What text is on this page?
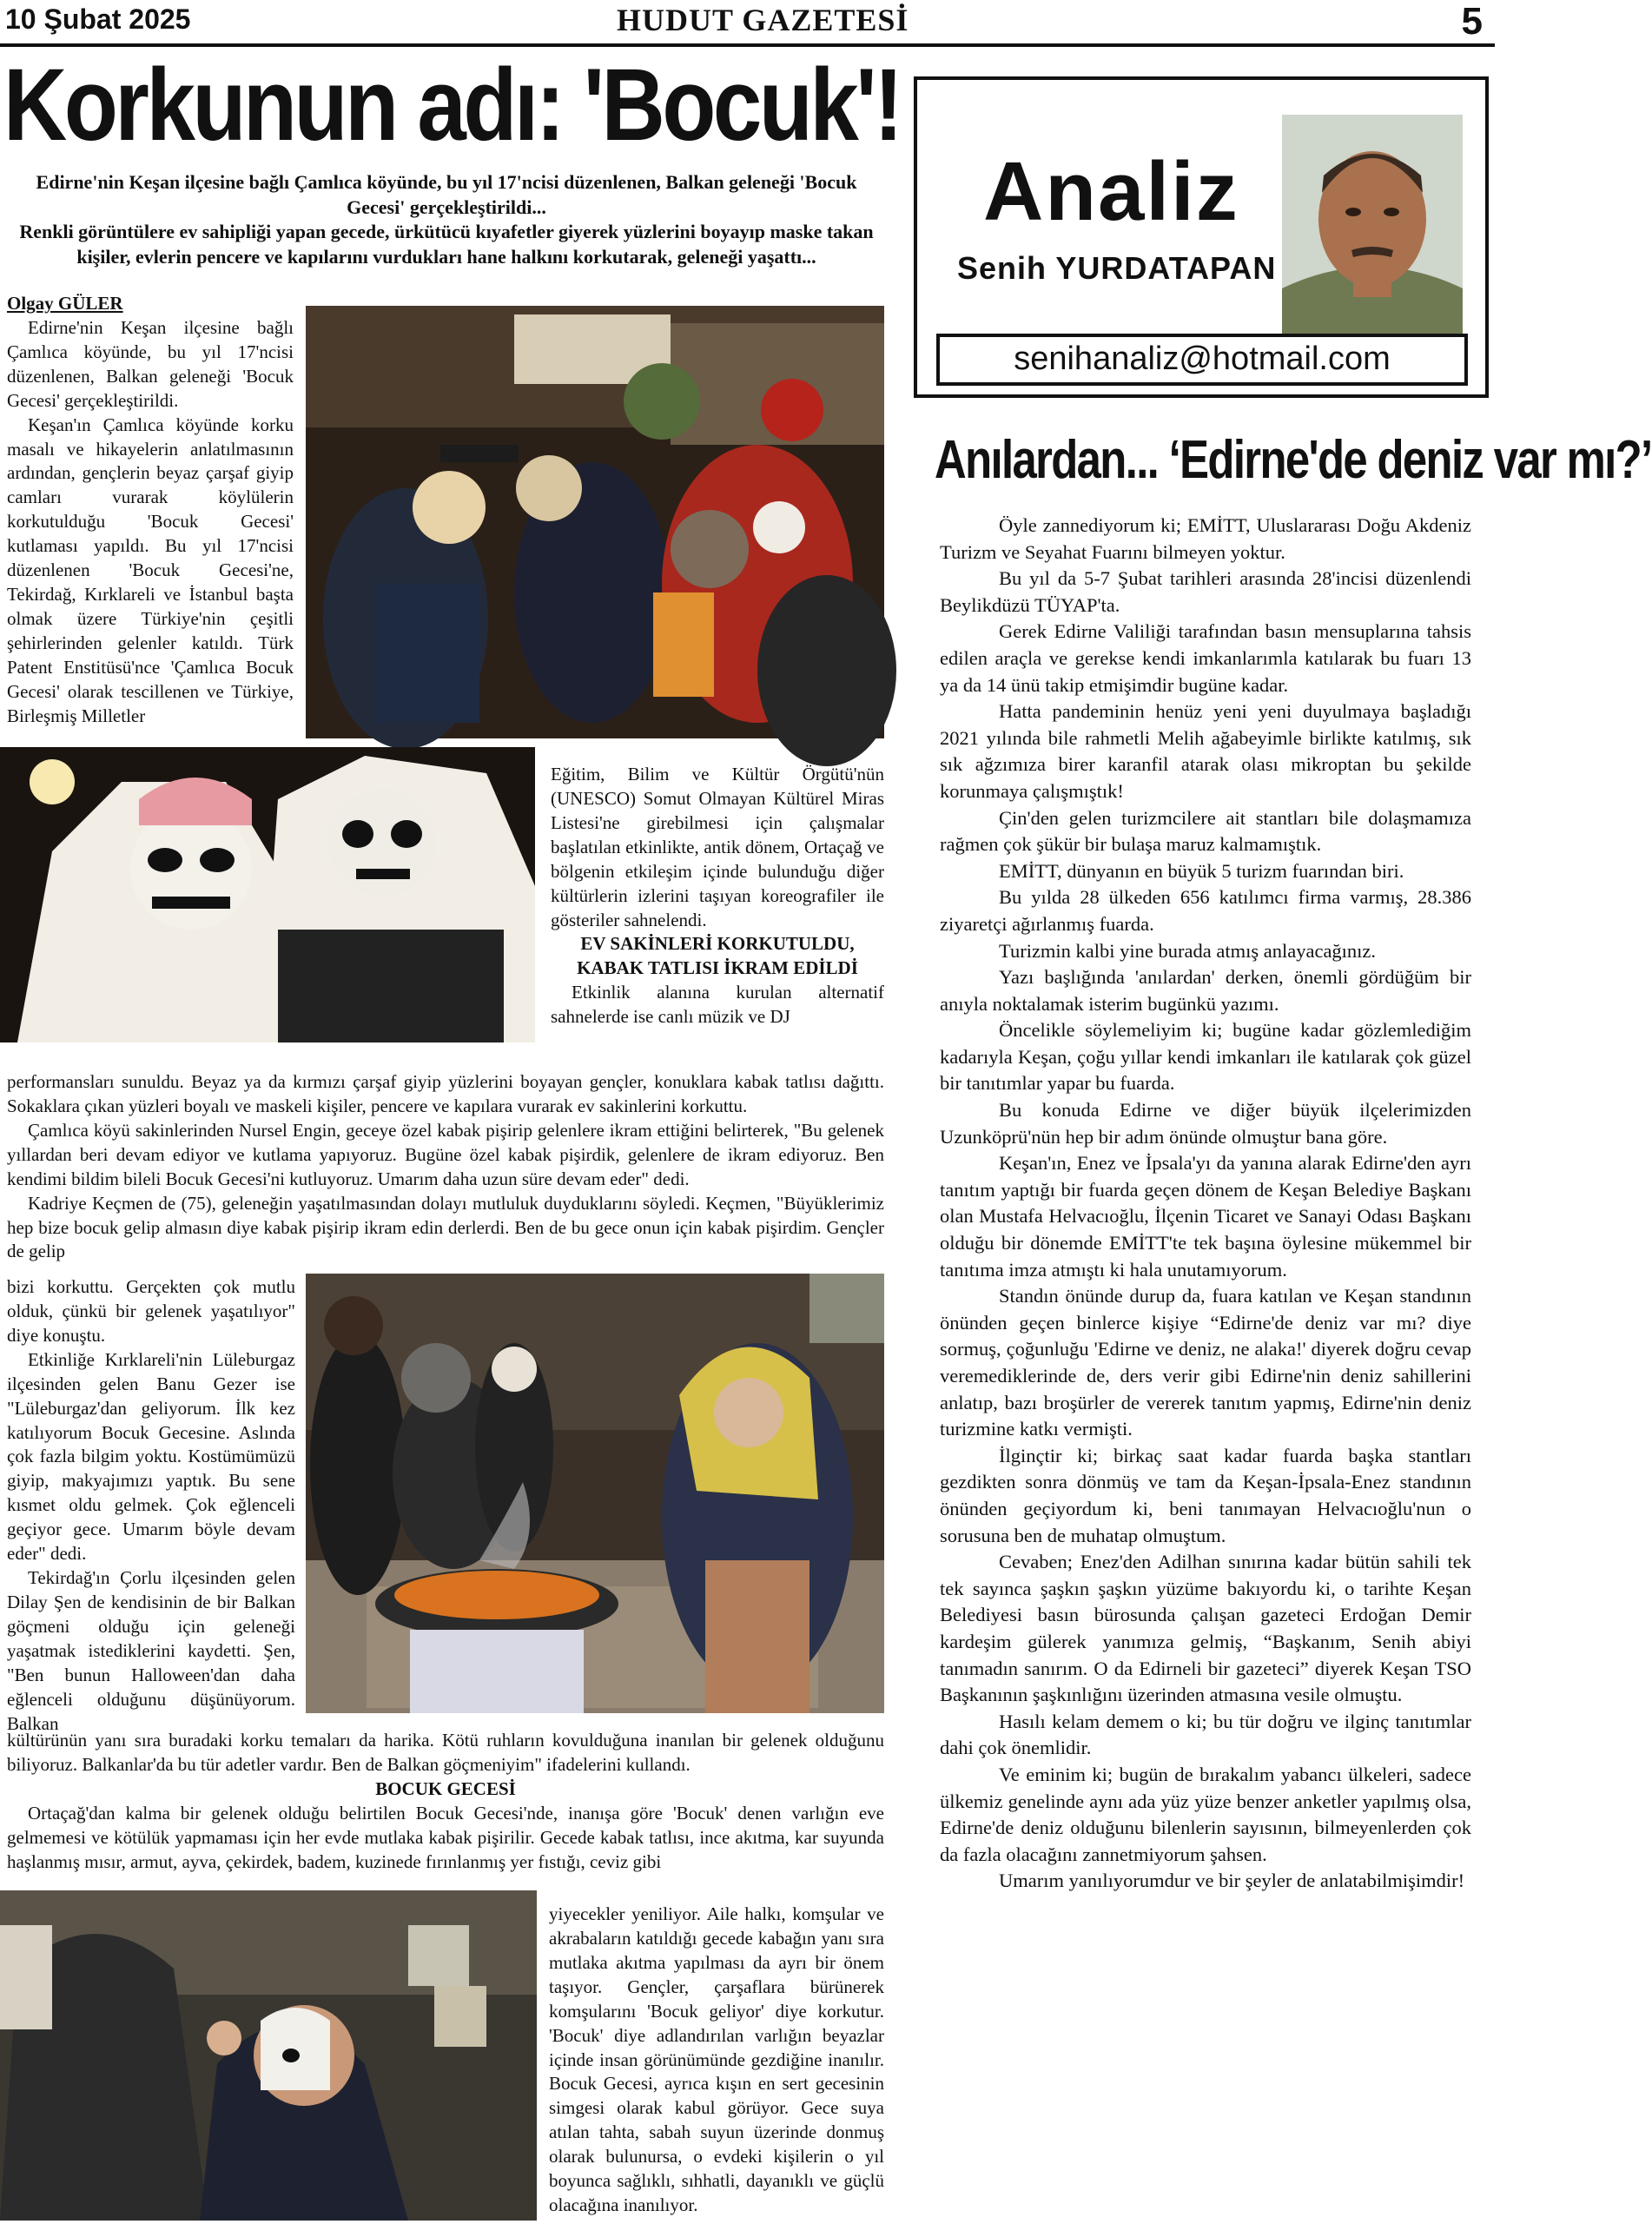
10 Şubat 2025	HUDUT GAZETESİ	5
Korkunun adı: 'Bocuk'!

Edirne'nin Keşan ilçesine bağlı Çamlıca köyünde, bu yıl 17'ncisi düzenlenen, Balkan geleneği 'Bocuk Gecesi' gerçekleştirildi...

Renkli görüntülere ev sahipliği yapan gecede, ürkütücü kıyafetler giyerek yüzlerini boyayıp maske takan kişiler, evlerin pencere ve kapılarını vurdukları hane halkını korkutarak, geleneği yaşattı...

Olgay GÜLER

Edirne'nin Keşan ilçesine bağlı Çamlıca köyünde, bu yıl 17'ncisi düzenlenen, Balkan geleneği 'Bocuk Gecesi' gerçekleştirildi.

Keşan'ın Çamlıca köyünde korku masalı ve hikayelerin anlatılmasının ardından, gençlerin beyaz çarşaf giyip camları vurarak köylülerin korkutulduğu 'Bocuk Gecesi' kutlaması yapıldı. Bu yıl 17'ncisi düzenlenen 'Bocuk Gecesi'ne, Tekirdağ, Kırklareli ve İstanbul başta olmak üzere Türkiye'nin çeşitli şehirlerinden gelenler katıldı. Türk Patent Enstitüsü'nce 'Çamlıca Bocuk Gecesi' olarak tescillenen ve Türkiye, Birleşmiş Milletler

Eğitim, Bilim ve Kültür Örgütü'nün (UNESCO) Somut Olmayan Kültürel Miras Listesi'ne girebilmesi için çalışmalar başlatılan etkinlikte, antik dönem, Ortaçağ ve bölgenin etkileşim içinde bulunduğu diğer kültürlerin izlerini taşıyan koreografiler ile gösteriler sahnelendi.

EV SAKİNLERİ KORKUTULDU, KABAK TATLISI İKRAM EDİLDİ

Etkinlik alanına kurulan alternatif sahnelerde ise canlı müzik ve DJ

performansları sunuldu. Beyaz ya da kırmızı çarşaf giyip yüzlerini boyayan gençler, konuklara kabak tatlısı dağıttı. Sokaklara çıkan yüzleri boyalı ve maskeli kişiler, pencere ve kapılara vurarak ev sakinlerini korkuttu.

Çamlıca köyü sakinlerinden Nursel Engin, geceye özel kabak pişirip gelenlere ikram ettiğini belirterek, "Bu gelenek yıllardan beri devam ediyor ve kutlama yapıyoruz. Bugüne özel kabak pişirdik, gelenlere de ikram ediyoruz. Ben kendimi bildim bileli Bocuk Gecesi'ni kutluyoruz. Umarım daha uzun süre devam eder" dedi.

Kadriye Keçmen de (75), geleneğin yaşatılmasından dolayı mutluluk duyduklarını söyledi. Keçmen, "Büyüklerimiz hep bize bocuk gelip almasın diye kabak pişirip ikram edin derlerdi. Ben de bu gece onun için kabak pişirdim. Gençler de gelip

bizi korkuttu. Gerçekten çok mutlu olduk, çünkü bir gelenek yaşatılıyor" diye konuştu.

Etkinliğe Kırklareli'nin Lüleburgaz ilçesinden gelen Banu Gezer ise "Lüleburgaz'dan geliyorum. İlk kez katılıyorum Bocuk Gecesine. Aslında çok fazla bilgim yoktu. Kostümümüzü giyip, makyajımızı yaptık. Bu sene kısmet oldu gelmek. Çok eğlenceli geçiyor gece. Umarım böyle devam eder" dedi.

Tekirdağ'ın Çorlu ilçesinden gelen Dilay Şen de kendisinin de bir Balkan göçmeni olduğu için geleneği yaşatmak istediklerini kaydetti. Şen, "Ben bunun Halloween'dan daha eğlenceli olduğunu düşünüyorum. Balkan

kültürünün yanı sıra buradaki korku temaları da harika. Kötü ruhların kovulduğuna inanılan bir gelenek olduğunu biliyoruz. Balkanlar'da bu tür adetler vardır. Ben de Balkan göçmeniyim" ifadelerini kullandı.

BOCUK GECESİ

Ortaçağ'dan kalma bir gelenek olduğu belirtilen Bocuk Gecesi'nde, inanışa göre 'Bocuk' denen varlığın eve gelmemesi ve kötülük yapmaması için her evde mutlaka kabak pişirilir. Gecede kabak tatlısı, ince akıtma, kar suyunda haşlanmış mısır, armut, ayva, çekirdek, badem, kuzinede fırınlanmış yer fıstığı, ceviz gibi

yiyecekler yeniliyor. Aile halkı, komşular ve akrabaların katıldığı gecede kabağın yanı sıra mutlaka akıtma yapılması da ayrı bir önem taşıyor. Gençler, çarşaflara bürünerek komşularını 'Bocuk geliyor' diye korkutur. 'Bocuk' diye adlandırılan varlığın beyazlar içinde insan görünümünde gezdiğine inanılır. Bocuk Gecesi, ayrıca kışın en sert gecesinin simgesi olarak kabul görüyor. Gece suya atılan tahta, sabah suyun üzerinde donmuş olarak bulunursa, o evdeki kişilerin o yıl boyunca sağlıklı, sıhhatli, dayanıklı ve güçlü olacağına inanılıyor.

Analiz
Senih YURDATAPAN
senihanaliz@hotmail.com
Anılardan... ‘Edirne'de deniz var mı?’

Öyle zannediyorum ki; EMİTT, Uluslararası Doğu Akdeniz Turizm ve Seyahat Fuarını bilmeyen yoktur.

Bu yıl da 5-7 Şubat tarihleri arasında 28'incisi düzenlendi Beylikdüzü TÜYAP'ta.

Gerek Edirne Valiliği tarafından basın mensuplarına tahsis edilen araçla ve gerekse kendi imkanlarımla katılarak bu fuarı 13 ya da 14 ünü takip etmişimdir bugüne kadar.

Hatta pandeminin henüz yeni yeni duyulmaya başladığı 2021 yılında bile rahmetli Melih ağabeyimle birlikte katılmış, sık sık ağzımıza birer karanfil atarak olası mikroptan bu şekilde korunmaya çalışmıştık!

Çin'den gelen turizmcilere ait stantları bile dolaşmamıza rağmen çok şükür bir bulaşa maruz kalmamıştık.

EMİTT, dünyanın en büyük 5 turizm fuarından biri.

Bu yılda 28 ülkeden 656 katılımcı firma varmış, 28.386 ziyaretçi ağırlanmış fuarda.

Turizmin kalbi yine burada atmış anlayacağınız.

Yazı başlığında 'anılardan' derken, önemli gördüğüm bir anıyla noktalamak isterim bugünkü yazımı.

Öncelikle söylemeliyim ki; bugüne kadar gözlemlediğim kadarıyla Keşan, çoğu yıllar kendi imkanları ile katılarak çok güzel bir tanıtımlar yapar bu fuarda.

Bu konuda Edirne ve diğer büyük ilçelerimizden Uzunköprü'nün hep bir adım önünde olmuştur bana göre.

Keşan'ın, Enez ve İpsala'yı da yanına alarak Edirne'den ayrı tanıtım yaptığı bir fuarda geçen dönem de Keşan Belediye Başkanı olan Mustafa Helvacıoğlu, İlçenin Ticaret ve Sanayi Odası Başkanı olduğu bir dönemde EMİTT'te tek başına öylesine mükemmel bir tanıtıma imza atmıştı ki hala unutamıyorum.

Standın önünde durup da, fuara katılan ve Keşan standının önünden geçen binlerce kişiye “Edirne'de deniz var mı? diye sormuş, çoğunluğu 'Edirne ve deniz, ne alaka!' diyerek doğru cevap veremediklerinde de, ders verir gibi Edirne'nin deniz sahillerini anlatıp, bazı broşürler de vererek tanıtım yapmış, Edirne'nin deniz turizmine katkı vermişti.

İlginçtir ki; birkaç saat kadar fuarda başka stantları gezdikten sonra dönmüş ve tam da Keşan-İpsala-Enez standının önünden geçiyordum ki, beni tanımayan Helvacıoğlu'nun o sorusuna ben de muhatap olmuştum.

Cevaben; Enez'den Adilhan sınırına kadar bütün sahili tek tek sayınca şaşkın şaşkın yüzüme bakıyordu ki, o tarihte Keşan Belediyesi basın bürosunda çalışan gazeteci Erdoğan Demir kardeşim gülerek yanımıza gelmiş, “Başkanım, Senih abiyi tanımadın sanırım. O da Edirneli bir gazeteci” diyerek Keşan TSO Başkanının şaşkınlığını üzerinden atmasına vesile olmuştu.

Hasılı kelam demem o ki; bu tür doğru ve ilginç tanıtımlar dahi çok önemlidir.

Ve eminim ki; bugün de bırakalım yabancı ülkeleri, sadece ülkemiz genelinde aynı ada yüz yüze benzer anketler yapılmış olsa, Edirne'de deniz olduğunu bilenlerin sayısının, bilmeyenlerden çok da fazla olacağını zannetmiyorum şahsen.

Umarım yanılıyorumdur ve bir şeyler de anlatabilmişimdir!
